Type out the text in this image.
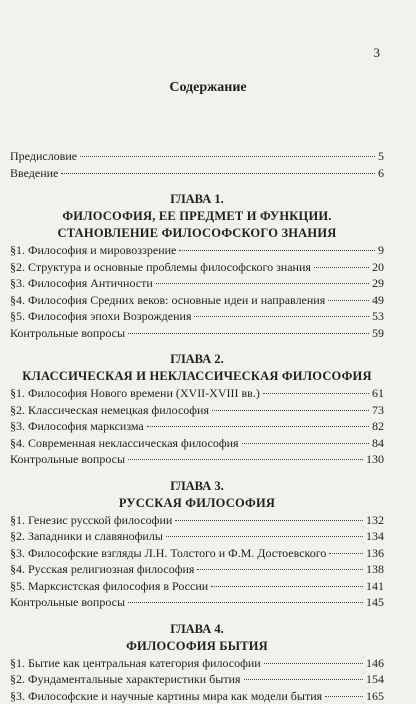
3
Содержание
Предисловие	5
Введение	6
ГЛАВА 1.
ФИЛОСОФИЯ, ЕЕ ПРЕДМЕТ И ФУНКЦИИ.
СТАНОВЛЕНИЕ ФИЛОСОФСКОГО ЗНАНИЯ
§1. Философия и мировоззрение	9
§2. Структура и основные проблемы философского знания	20
§3. Философия Античности	29
§4. Философия Средних веков: основные идеи и направления	49
§5. Философия эпохи Возрождения	53
Контрольные вопросы	59
ГЛАВА 2.
КЛАССИЧЕСКАЯ И НЕКЛАССИЧЕСКАЯ ФИЛОСОФИЯ
§1. Философия Нового времени (XVII-XVIII вв.)	61
§2. Классическая немецкая философия	73
§3. Философия марксизма	82
§4. Современная неклассическая философия	84
Контрольные вопросы	130
ГЛАВА 3.
РУССКАЯ ФИЛОСОФИЯ
§1. Генезис русской философии	132
§2. Западники и славянофилы	134
§3. Философские взгляды Л.Н. Толстого и Ф.М. Достоевского	136
§4. Русская религиозная философия	138
§5. Марксистская философия в России	141
Контрольные вопросы	145
ГЛАВА 4.
ФИЛОСОФИЯ БЫТИЯ
§1. Бытие как центральная категория философии	146
§2. Фундаментальные характеристики бытия	154
§3. Философские и научные картины мира как модели бытия	165
